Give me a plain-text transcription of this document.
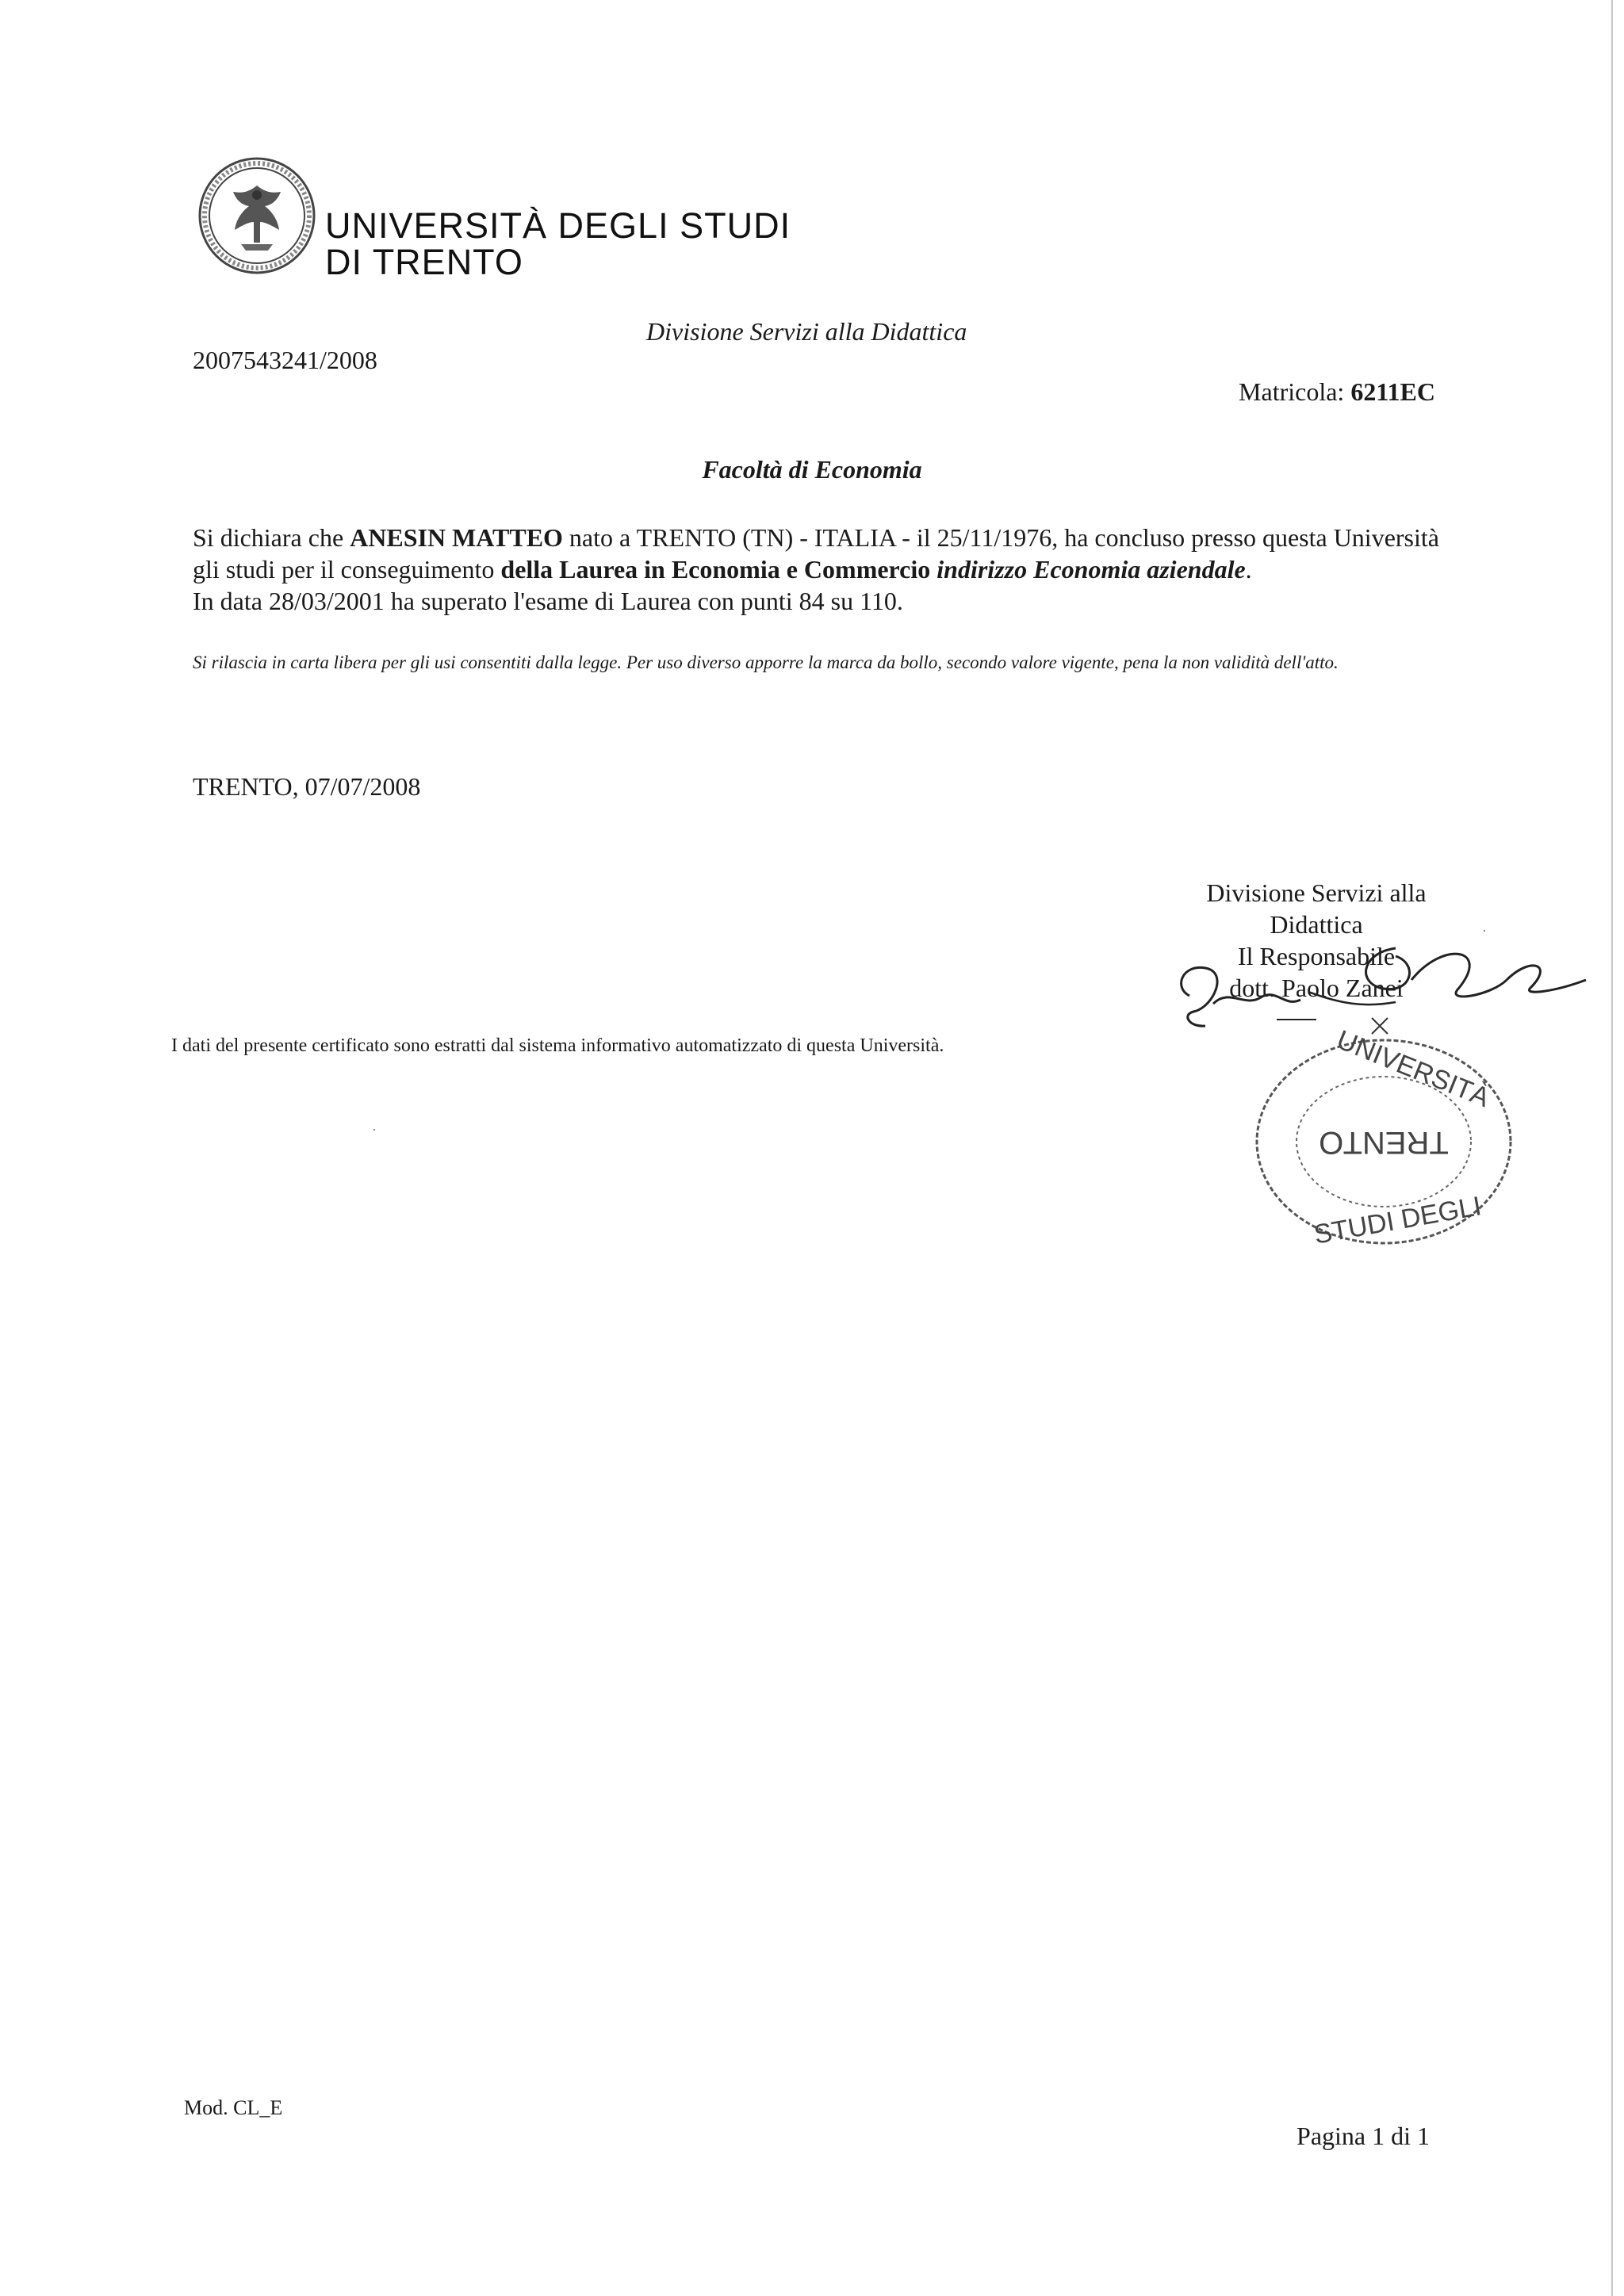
UNIVERSITÀ DEGLI STUDI
DI TRENTO
Divisione Servizi alla Didattica
2007543241/2008
Matricola: 6211EC
Facoltà di Economia
Si dichiara che ANESIN MATTEO nato a TRENTO (TN) - ITALIA - il 25/11/1976, ha concluso presso questa Università gli studi per il conseguimento della Laurea in Economia e Commercio indirizzo Economia aziendale.
In data 28/03/2001 ha superato l'esame di Laurea con punti 84 su 110.
Si rilascia in carta libera per gli usi consentiti dalla legge. Per uso diverso apporre la marca da bollo, secondo valore vigente, pena la non validità dell'atto.
TRENTO, 07/07/2008
Divisione Servizi alla
Didattica
Il Responsabile
dott. Paolo Zanei
UNIVERSITÀ
TRENTO
STUDI DEGLI
I dati del presente certificato sono estratti dal sistema informativo automatizzato di questa Università.
Mod. CL_E
Pagina 1 di 1
